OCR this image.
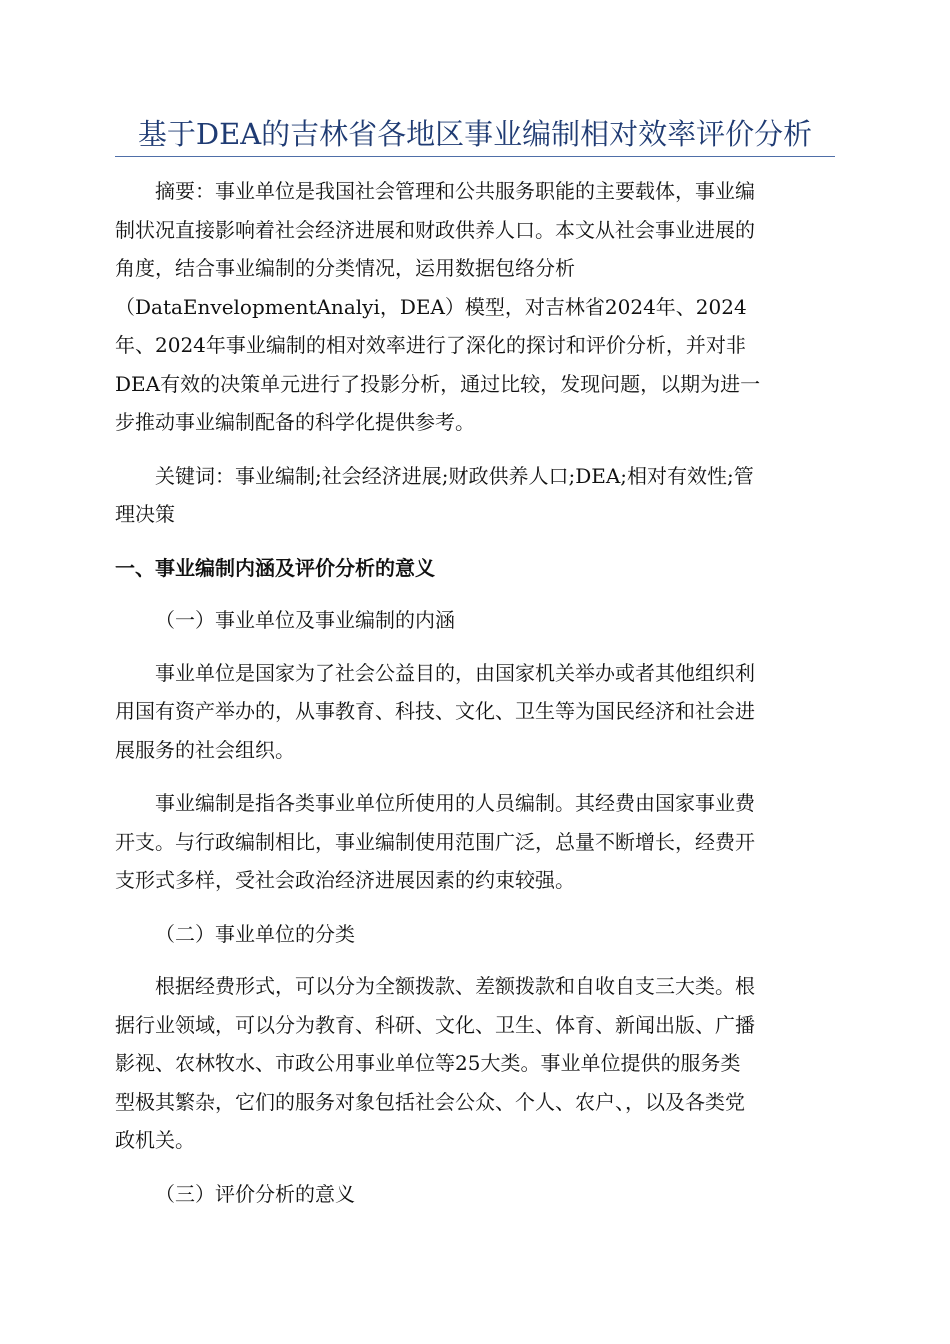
基于DEA的吉林省各地区事业编制相对效率评价分析
摘要：事业单位是我国社会管理和公共服务职能的主要载体，事业编
制状况直接影响着社会经济进展和财政供养人口。本文从社会事业进展的
角度，结合事业编制的分类情况，运用数据包络分析
（DataEnvelopmentAnalyi，DEA）模型，对吉林省2024年、2024
年、2024年事业编制的相对效率进行了深化的探讨和评价分析，并对非
DEA有效的决策单元进行了投影分析，通过比较，发现问题，以期为进一
步推动事业编制配备的科学化提供参考。
关键词：事业编制;社会经济进展;财政供养人口;DEA;相对有效性;管
理决策
一、事业编制内涵及评价分析的意义
（一）事业单位及事业编制的内涵
事业单位是国家为了社会公益目的，由国家机关举办或者其他组织利
用国有资产举办的，从事教育、科技、文化、卫生等为国民经济和社会进
展服务的社会组织。
事业编制是指各类事业单位所使用的人员编制。其经费由国家事业费
开支。与行政编制相比，事业编制使用范围广泛，总量不断增长，经费开
支形式多样，受社会政治经济进展因素的约束较强。
（二）事业单位的分类
根据经费形式，可以分为全额拨款、差额拨款和自收自支三大类。根
据行业领域，可以分为教育、科研、文化、卫生、体育、新闻出版、广播
影视、农林牧水、市政公用事业单位等25大类。事业单位提供的服务类
型极其繁杂，它们的服务对象包括社会公众、个人、农户、，以及各类党
政机关。
（三）评价分析的意义
